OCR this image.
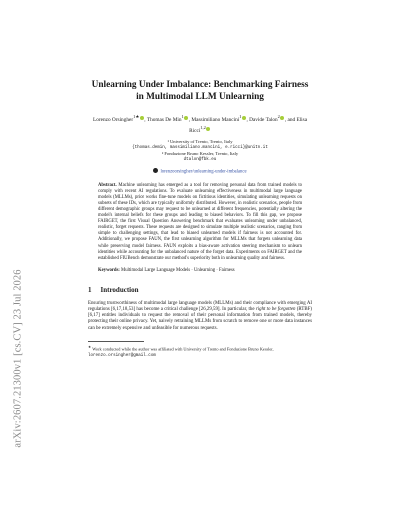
arXiv:2607.21300v1 [cs.CV] 23 Jul 2026
Unlearning Under Imbalance: Benchmarking Fairness in Multimodal LLM Unlearning
Lorenzo Orsingher$^{1★}$, Thomas De Min$^1$, Massimiliano Mancini$^1$, Davide Talon$^2$, and Elisa Ricci$^{1,2}$
¹ University of Trento, Trento, Italy
{thomas.demin, massimiliano.mancini, e.ricci}@unitn.it
² Fondazione Bruno Kessler, Trento, Italy
dtalon@fbk.eu
lorenzoorsingher/unlearning-under-imbalance
Abstract. Machine unlearning has emerged as a tool for removing personal data from trained models to comply with recent AI regulations. To evaluate unlearning effectiveness in multimodal large language models (MLLMs), prior works fine-tune models on fictitious identities, simulating unlearning requests on subsets of these IDs, which are typically uniformly distributed. However, in realistic scenarios, people from different demographic groups may request to be unlearned at different frequencies, potentially altering the model's internal beliefs for these groups and leading to biased behaviors. To fill this gap, we propose FAIRGET, the first Visual Question Answering benchmark that evaluates unlearning under unbalanced, realistic, forget requests. These requests are designed to simulate multiple realistic scenarios, ranging from simple to challenging settings, that lead to biased unlearned models if fairness is not accounted for. Additionally, we propose FAUN, the first unlearning algorithm for MLLMs that forgets unlearning data while preserving model fairness. FAUN exploits a bias-aware activation steering mechanism to unlearn identities while accounting for the unbalanced nature of the forget data. Experiments on FAIRGET and the established FIUBench demonstrate our method's superiority both in unlearning quality and fairness.
Keywords: Multimodal Large Language Models · Unlearning · Fairness
1 Introduction

Ensuring trustworthiness of multimodal large language models (MLLMs) and their compliance with emerging AI regulations [6,17,18,53] has become a critical challenge [26,29,59]. In particular, the right to be forgotten (RTBF) [6,17] entitles individuals to request the removal of their personal information from trained models, thereby protecting their online privacy. Yet, naively retraining MLLMs from scratch to remove one or more data instances can be extremely expensive and unfeasible for numerous requests.

★ Work conducted while the author was affiliated with University of Trento and Fondazione Bruno Kessler, lorenzo.orsingher@gmail.com
